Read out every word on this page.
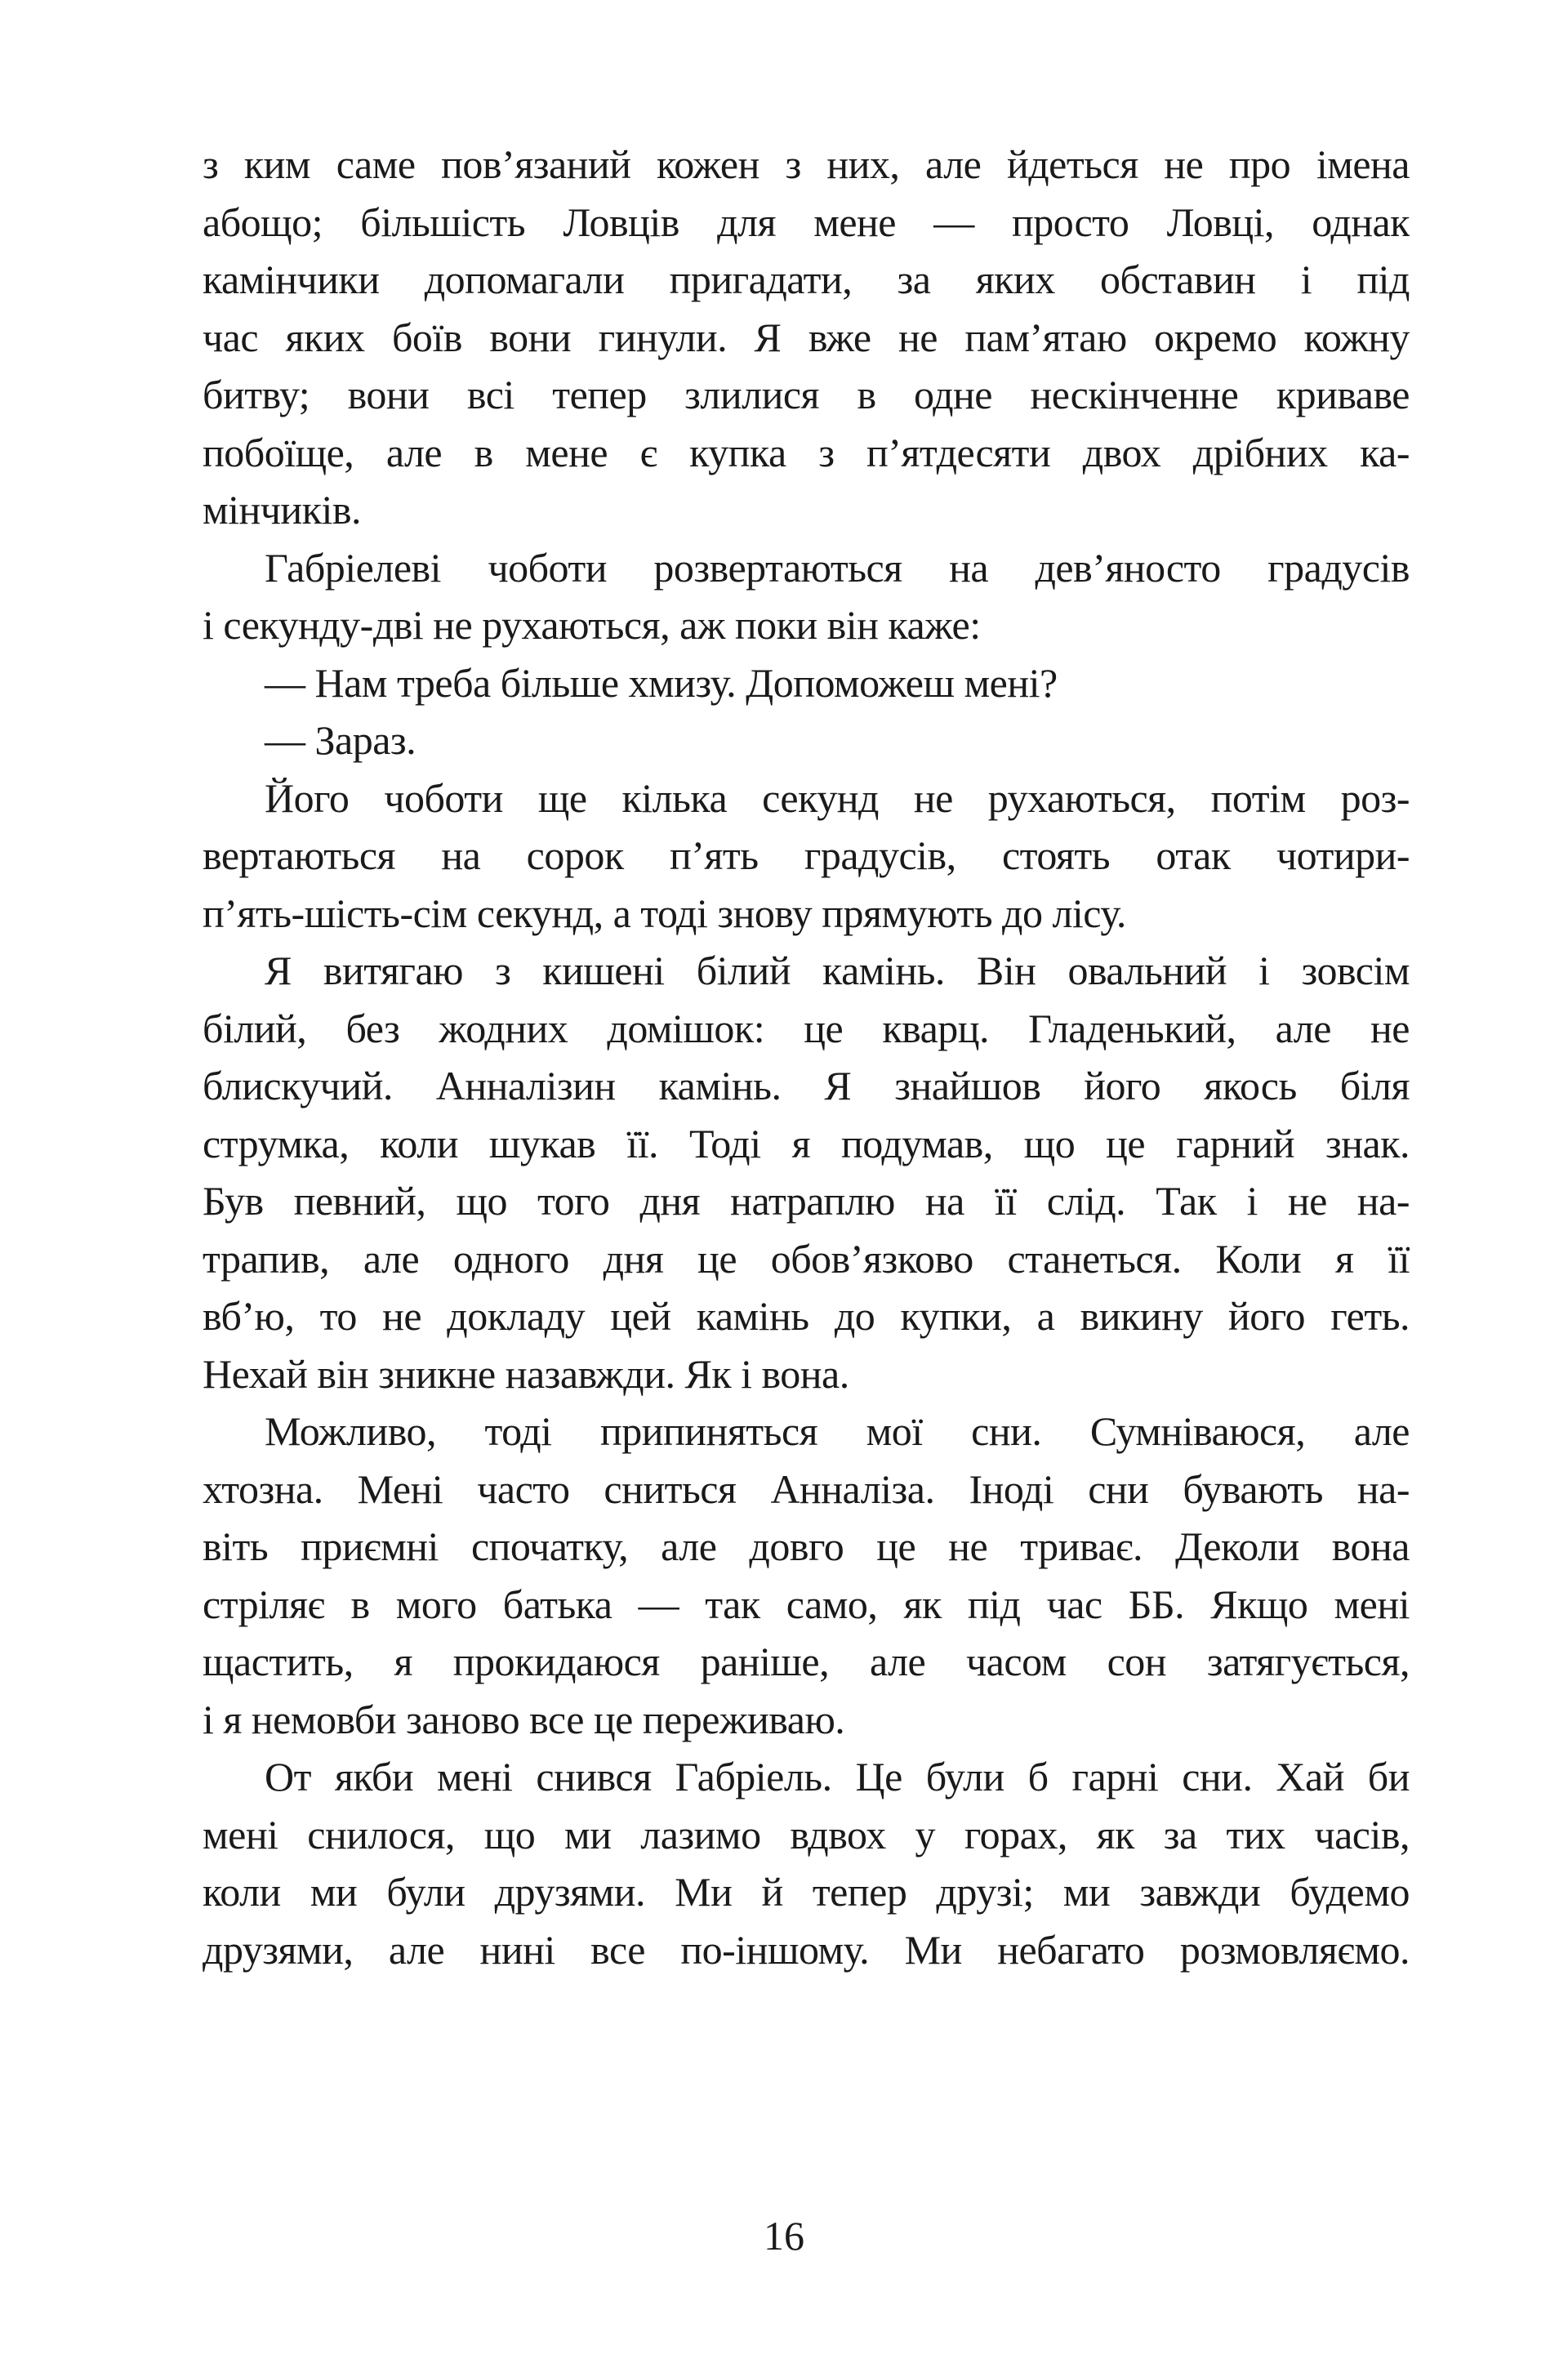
з ким саме пов’язаний кожен з них, але йдеться не про імена
абощо; більшість Ловців для мене — просто Ловці, однак
камінчики допомагали пригадати, за яких обставин і під
час яких боїв вони гинули. Я вже не пам’ятаю окремо кожну
битву; вони всі тепер злилися в одне нескінченне криваве
побоїще, але в мене є купка з п’ятдесяти двох дрібних ка-
мінчиків.
Габріелеві чоботи розвертаються на дев’яносто градусів
і секунду-дві не рухаються, аж поки він каже:
— Нам треба більше хмизу. Допоможеш мені?
— Зараз.
Його чоботи ще кілька секунд не рухаються, потім роз-
вертаються на сорок п’ять градусів, стоять отак чотири-
п’ять-шість-сім секунд, а тоді знову прямують до лісу.
Я витягаю з кишені білий камінь. Він овальний і зовсім
білий, без жодних домішок: це кварц. Гладенький, але не
блискучий. Анналізин камінь. Я знайшов його якось біля
струмка, коли шукав її. Тоді я подумав, що це гарний знак.
Був певний, що того дня натраплю на її слід. Так і не на-
трапив, але одного дня це обов’язково станеться. Коли я її
вб’ю, то не докладу цей камінь до купки, а викину його геть.
Нехай він зникне назавжди. Як і вона.
Можливо, тоді припиняться мої сни. Сумніваюся, але
хтозна. Мені часто сниться Анналіза. Іноді сни бувають на-
віть приємні спочатку, але довго це не триває. Деколи вона
стріляє в мого батька — так само, як під час ББ. Якщо мені
щастить, я прокидаюся раніше, але часом сон затягується,
і я немовби заново все це переживаю.
От якби мені снився Габріель. Це були б гарні сни. Хай би
мені снилося, що ми лазимо вдвох у горах, як за тих часів,
коли ми були друзями. Ми й тепер друзі; ми завжди будемо
друзями, але нині все по-іншому. Ми небагато розмовляємо.
16
